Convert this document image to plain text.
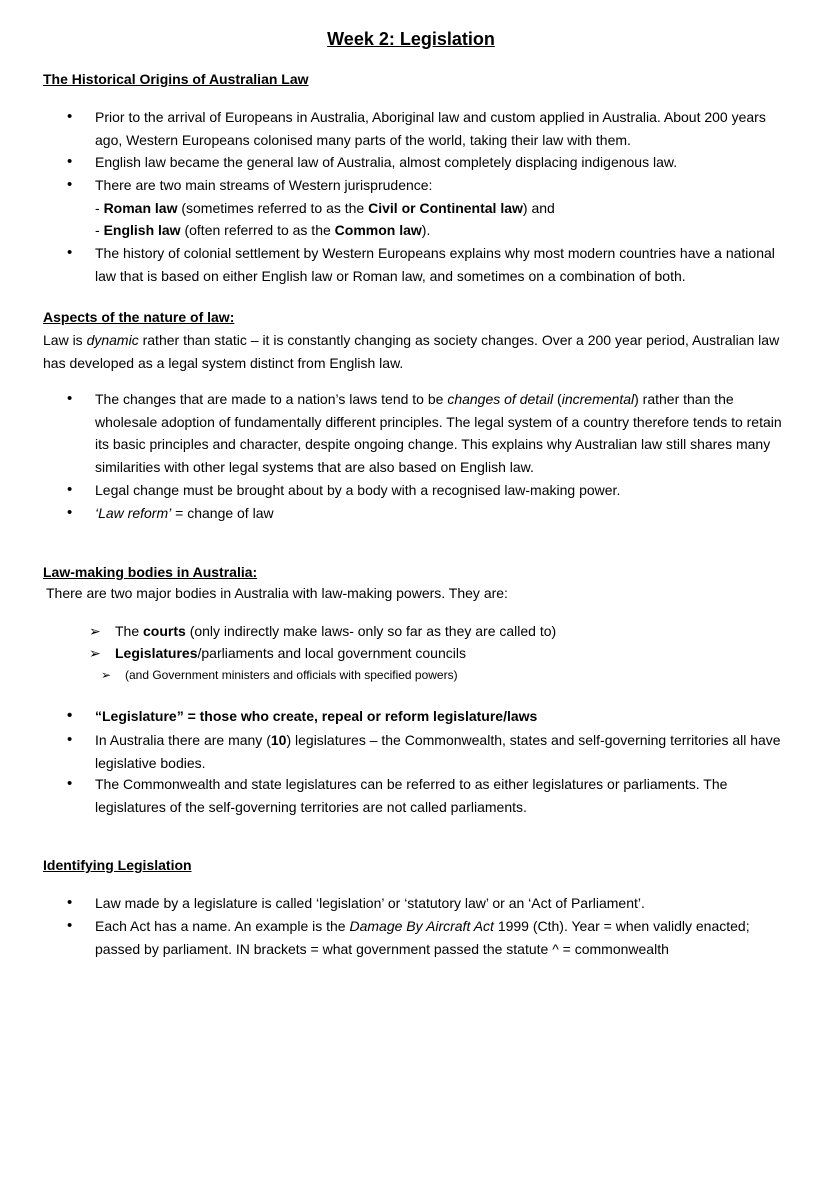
Week 2: Legislation
The Historical Origins of Australian Law
• Prior to the arrival of Europeans in Australia, Aboriginal law and custom applied in Australia. About 200 years ago, Western Europeans colonised many parts of the world, taking their law with them.
• English law became the general law of Australia, almost completely displacing indigenous law.
• There are two main streams of Western jurisprudence:
- Roman law (sometimes referred to as the Civil or Continental law) and
- English law (often referred to as the Common law).
• The history of colonial settlement by Western Europeans explains why most modern countries have a national law that is based on either English law or Roman law, and sometimes on a combination of both.
Aspects of the nature of law:
Law is dynamic rather than static – it is constantly changing as society changes. Over a 200 year period, Australian law has developed as a legal system distinct from English law.
• The changes that are made to a nation’s laws tend to be changes of detail (incremental) rather than the wholesale adoption of fundamentally different principles. The legal system of a country therefore tends to retain its basic principles and character, despite ongoing change. This explains why Australian law still shares many similarities with other legal systems that are also based on English law.
• Legal change must be brought about by a body with a recognised law-making power.
• ‘Law reform’ = change of law
Law-making bodies in Australia:
There are two major bodies in Australia with law-making powers. They are:
➢ The courts (only indirectly make laws- only so far as they are called to)
➢ Legislatures/parliaments and local government councils
➢ (and Government ministers and officials with specified powers)
• “Legislature” = those who create, repeal or reform legislature/laws
• In Australia there are many (10) legislatures – the Commonwealth, states and self-governing territories all have legislative bodies.
• The Commonwealth and state legislatures can be referred to as either legislatures or parliaments. The legislatures of the self-governing territories are not called parliaments.
Identifying Legislation
• Law made by a legislature is called ‘legislation’ or ‘statutory law’ or an ‘Act of Parliament’.
• Each Act has a name. An example is the Damage By Aircraft Act 1999 (Cth). Year = when validly enacted; passed by parliament. IN brackets = what government passed the statute ^ = commonwealth
